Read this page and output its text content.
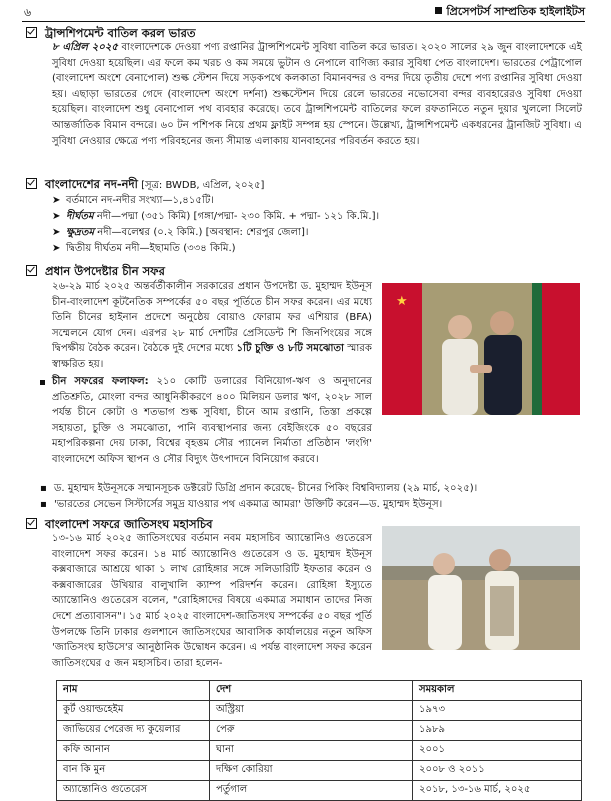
৬	প্রিসেপটর্স সাম্প্রতিক হাইলাইটস
ট্রান্সশিপমেন্ট বাতিল করল ভারত
৮ এপ্রিল ২০২৫ বাংলাদেশকে দেওয়া পণ্য রপ্তানির ট্রান্সশিপমেন্ট সুবিধা বাতিল করে ভারত। ২০২০ সালের ২৯ জুন বাংলাদেশকে এই সুবিধা দেওয়া হয়েছিল। এর ফলে কম খরচ ও কম সময়ে ভুটান ও নেপালে বাণিজ্য করার সুবিধা পেত বাংলাদেশ। ভারতের পেট্রাপোল (বাংলাদেশ অংশে বেনাপোল) শুল্ক স্টেশন দিয়ে সড়কপথে কলকাতা বিমানবন্দর ও বন্দর দিয়ে তৃতীয় দেশে পণ্য রপ্তানির সুবিধা দেওয়া হয়। এছাড়া ভারতের গেদে (বাংলাদেশ অংশে দর্শনা) শুল্কস্টেশন দিয়ে রেলে ভারতের নভোসেবা বন্দর ব্যবহারেরও সুবিধা দেওয়া হয়েছিল। বাংলাদেশ শুধু বেনাপোল পথ ব্যবহার করেছে। তবে ট্রান্সশিপমেন্ট বাতিলের ফলে রফতানিতে নতুন দুয়ার খুললো সিলেট আন্তর্জাতিক বিমান বন্দরে। ৬০ টন পশিপক নিয়ে প্রথম ফ্লাইট সম্পন্ন হয় স্পেনে। উল্লেখ্য, ট্রান্সশিপমেন্ট একধরনের ট্রানজিট সুবিধা। এ সুবিধা নেওয়ার ক্ষেত্রে পণ্য পরিবহনের জন্য সীমান্ত এলাকায় যানবাহনের পরিবর্তন করতে হয়।
বাংলাদেশের নদ-নদী [সূত্র: BWDB, এপ্রিল, ২০২৫]
➤ বর্তমানে নদ-নদীর সংখ্যা—১,৪১৫টি।
➤ দীর্ঘতম নদী—পদ্মা (৩৫১ কিমি) [গঙ্গা/পদ্মা- ২৩০ কিমি. + পদ্মা- ১২১ কি.মি.]।
➤ ক্ষুদ্রতম নদী—বলেশ্বর (০.২ কিমি.) [অবস্থান: শেরপুর জেলা]।
➤ দ্বিতীয় দীর্ঘতম নদী—ইছামতি (৩৩৪ কিমি.)
প্রধান উপদেষ্টার চীন সফর
২৬-২৯ মার্চ ২০২৫ অন্তর্বর্তীকালীন সরকারের প্রধান উপদেষ্টা ড. মুহাম্মদ ইউনূস চীন-বাংলাদেশ কূটনৈতিক সম্পর্কের ৫০ বছর পূর্তিতে চীন সফর করেন। এর মধ্যে তিনি চীনের হাইনান প্রদেশে অনুষ্ঠেয় বোয়াও ফোরাম ফর এশিয়ার (BFA) সম্মেলনে যোগ দেন। এরপর ২৮ মার্চ দেশটির প্রেসিডেন্ট শি জিনপিংয়ের সঙ্গে দ্বিপক্ষীয় বৈঠক করেন। বৈঠকে দুই দেশের মধ্যে ১টি চুক্তি ও ৮টি সমঝোতা স্মারক স্বাক্ষরিত হয়।
★
চীন সফরের ফলাফল: ২১০ কোটি ডলারের বিনিয়োগ-ঋণ ও অনুদানের প্রতিশ্রুতি, মোংলা বন্দর আধুনিকীকরণে ৪০০ মিলিয়ন ডলার ঋণ, ২০২৮ সাল পর্যন্ত চীনে কোটা ও শতভাগ শুল্ক সুবিধা, চীনে আম রপ্তানি, তিস্তা প্রকল্পে সহায়তা, চুক্তি ও সমঝোতা, পানি ব্যবস্থাপনার জন্য বেইজিংকে ৫০ বছরের মহাপরিকল্পনা দেয় ঢাকা, বিশ্বের বৃহত্তম সৌর প্যানেল নির্মাতা প্রতিষ্ঠান 'লংগি' বাংলাদেশে অফিস স্থাপন ও সৌর বিদ্যুৎ উৎপাদনে বিনিয়োগ করবে।
▪ ড. মুহাম্মদ ইউনূসকে সম্মানসূচক ডক্টরেট ডিগ্রি প্রদান করেছে- চীনের পিকিং বিশ্ববিদ্যালয় (২৯ মার্চ, ২০২৫)।
▪ 'ভারতের সেভেন সিস্টার্সের সমুদ্র যাওয়ার পথ একমাত্র আমরা' উক্তিটি করেন—ড. মুহাম্মদ ইউনূস।
বাংলাদেশ সফরে জাতিসংঘ মহাসচিব
১৩-১৬ মার্চ ২০২৫ জাতিসংঘের বর্তমান নবম মহাসচিব অ্যান্তোনিও গুতেরেস বাংলাদেশ সফর করেন। ১৪ মার্চ অ্যান্তোনিও গুতেরেস ও ড. মুহাম্মদ ইউনূস কক্সবাজারে আশ্রয়ে থাকা ১ লাখ রোহিঙ্গার সঙ্গে সলিডারিটি ইফতার করেন ও কক্সবাজারের উখিয়ার বালুখালি ক্যাম্প পরিদর্শন করেন। রোহিঙ্গা ইস্যুতে অ্যান্তোনিও গুতেরেস বলেন, "রোহিঙ্গাদের বিষয়ে একমাত্র সমাধান তাদের নিজ দেশে প্রত্যাবাসন"। ১৫ মার্চ ২০২৫ বাংলাদেশ-জাতিসংঘ সম্পর্কের ৫০ বছর পূর্তি উপলক্ষে তিনি ঢাকার গুলশানে জাতিসংঘের আবাসিক কার্যালয়ের নতুন অফিস 'জাতিসংঘ হাউসে'র আনুষ্ঠানিক উদ্বোধন করেন। এ পর্যন্ত বাংলাদেশ সফর করেন জাতিসংঘের ৫ জন মহাসচিব। তারা হলেন-
নাম	দেশ	সময়কাল
কুর্ট ওয়াল্ডহেইম	অস্ট্রিয়া	১৯৭৩
জাভিয়ের পেরেজ দ্য কুয়েলার	পেরু	১৯৮৯
কফি আনান	ঘানা	২০০১
বান কি মুন	দক্ষিণ কোরিয়া	২০০৮ ও ২০১১
অ্যান্তোনিও গুতেরেস	পর্তুগাল	২০১৮, ১৩-১৬ মার্চ, ২০২৫
